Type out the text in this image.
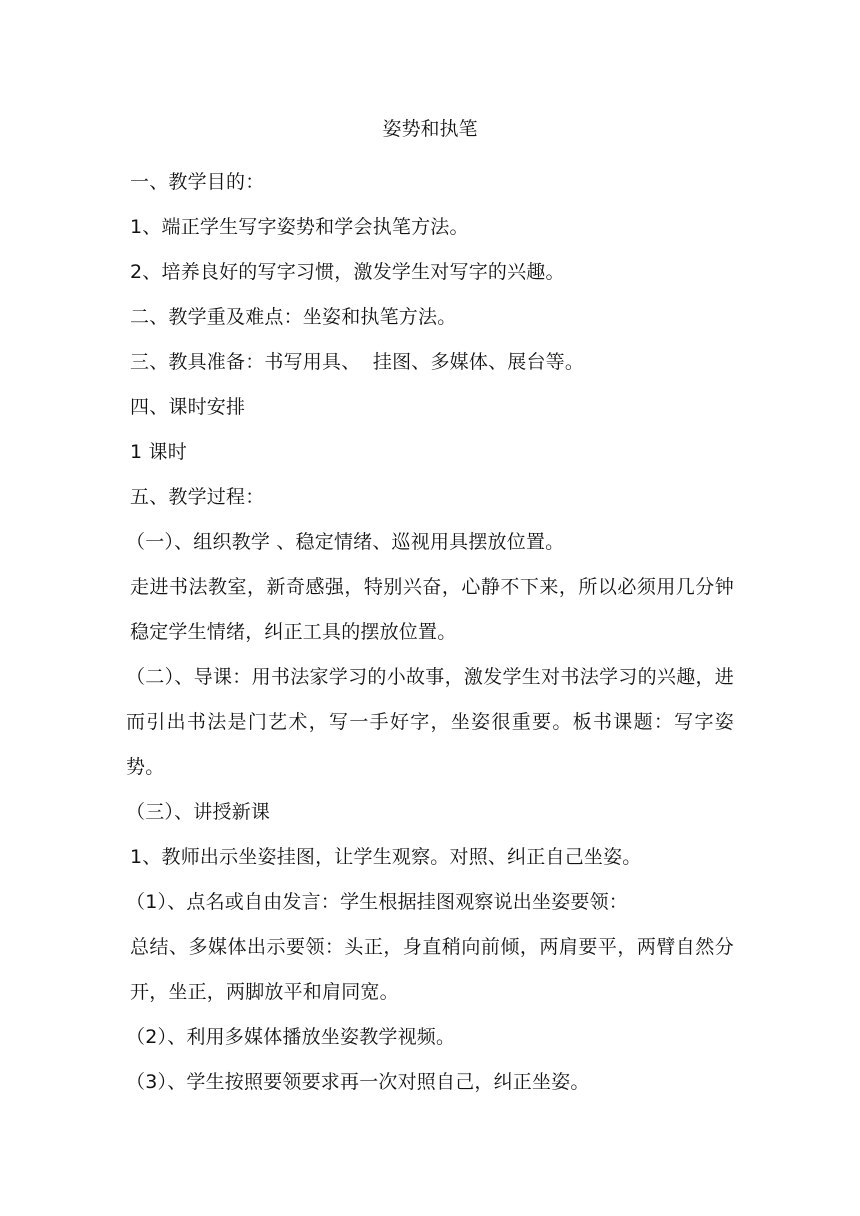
姿势和执笔

一、教学目的：

1、端正学生写字姿势和学会执笔方法。

2、培养良好的写字习惯，激发学生对写字的兴趣。

二、教学重及难点：坐姿和执笔方法。

三、教具准备：书写用具、  挂图、多媒体、展台等。

四、课时安排

1 课时

五、教学过程：

（一）、组织教学 、稳定情绪、巡视用具摆放位置。

走进书法教室，新奇感强，特别兴奋，心静不下来，所以必须用几分钟稳定学生情绪，纠正工具的摆放位置。

（二）、导课：用书法家学习的小故事，激发学生对书法学习的兴趣，进而引出书法是门艺术，写一手好字，坐姿很重要。板书课题：写字姿势。

（三）、讲授新课

1、教师出示坐姿挂图，让学生观察。对照、纠正自己坐姿。

（1）、点名或自由发言：学生根据挂图观察说出坐姿要领：

总结、多媒体出示要领：头正，身直稍向前倾，两肩要平，两臂自然分开，坐正，两脚放平和肩同宽。

（2）、利用多媒体播放坐姿教学视频。

（3）、学生按照要领要求再一次对照自己，纠正坐姿。
